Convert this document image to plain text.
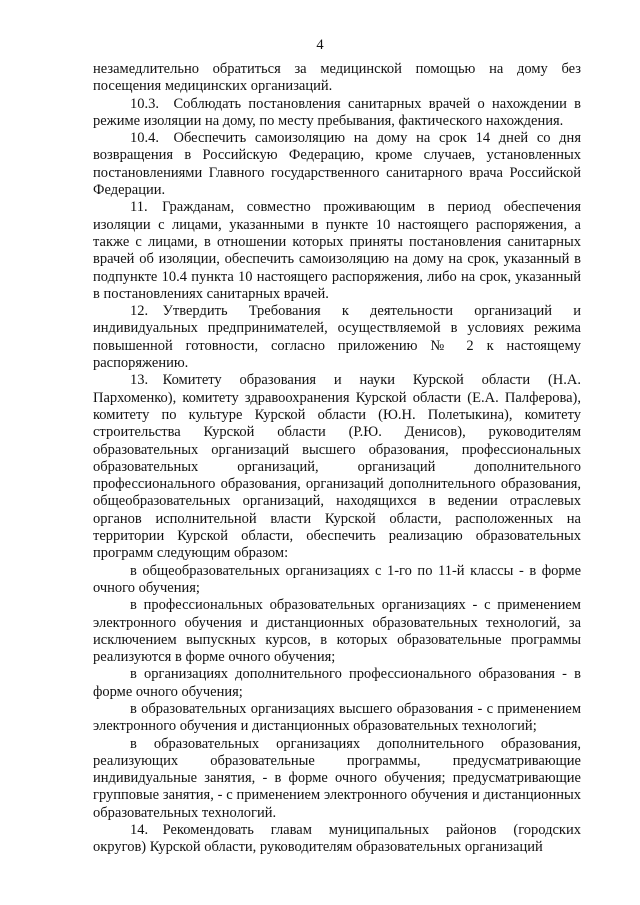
4

незамедлительно обратиться за медицинской помощью на дому без посещения медицинских организаций.

10.3. Соблюдать постановления санитарных врачей о нахождении в режиме изоляции на дому, по месту пребывания, фактического нахождения.

10.4. Обеспечить самоизоляцию на дому на срок 14 дней со дня возвращения в Российскую Федерацию, кроме случаев, установленных постановлениями Главного государственного санитарного врача Российской Федерации.

11. Гражданам, совместно проживающим в период обеспечения изоляции с лицами, указанными в пункте 10 настоящего распоряжения, а также с лицами, в отношении которых приняты постановления санитарных врачей об изоляции, обеспечить самоизоляцию на дому на срок, указанный в подпункте 10.4 пункта 10 настоящего распоряжения, либо на срок, указанный в постановлениях санитарных врачей.

12. Утвердить Требования к деятельности организаций и индивидуальных предпринимателей, осуществляемой в условиях режима повышенной готовности, согласно приложению № 2 к настоящему распоряжению.

13. Комитету образования и науки Курской области (Н.А. Пархоменко), комитету здравоохранения Курской области (Е.А. Палферова), комитету по культуре Курской области (Ю.Н. Полетыкина), комитету строительства Курской области (Р.Ю. Денисов), руководителям образовательных организаций высшего образования, профессиональных образовательных организаций, организаций дополнительного профессионального образования, организаций дополнительного образования, общеобразовательных организаций, находящихся в ведении отраслевых органов исполнительной власти Курской области, расположенных на территории Курской области, обеспечить реализацию образовательных программ следующим образом:

в общеобразовательных организациях с 1-го по 11-й классы - в форме очного обучения;

в профессиональных образовательных организациях - с применением электронного обучения и дистанционных образовательных технологий, за исключением выпускных курсов, в которых образовательные программы реализуются в форме очного обучения;

в организациях дополнительного профессионального образования - в форме очного обучения;

в образовательных организациях высшего образования - с применением электронного обучения и дистанционных образовательных технологий;

в образовательных организациях дополнительного образования, реализующих образовательные программы, предусматривающие индивидуальные занятия, - в форме очного обучения; предусматривающие групповые занятия, - с применением электронного обучения и дистанционных образовательных технологий.

14. Рекомендовать главам муниципальных районов (городских округов) Курской области, руководителям образовательных организаций
